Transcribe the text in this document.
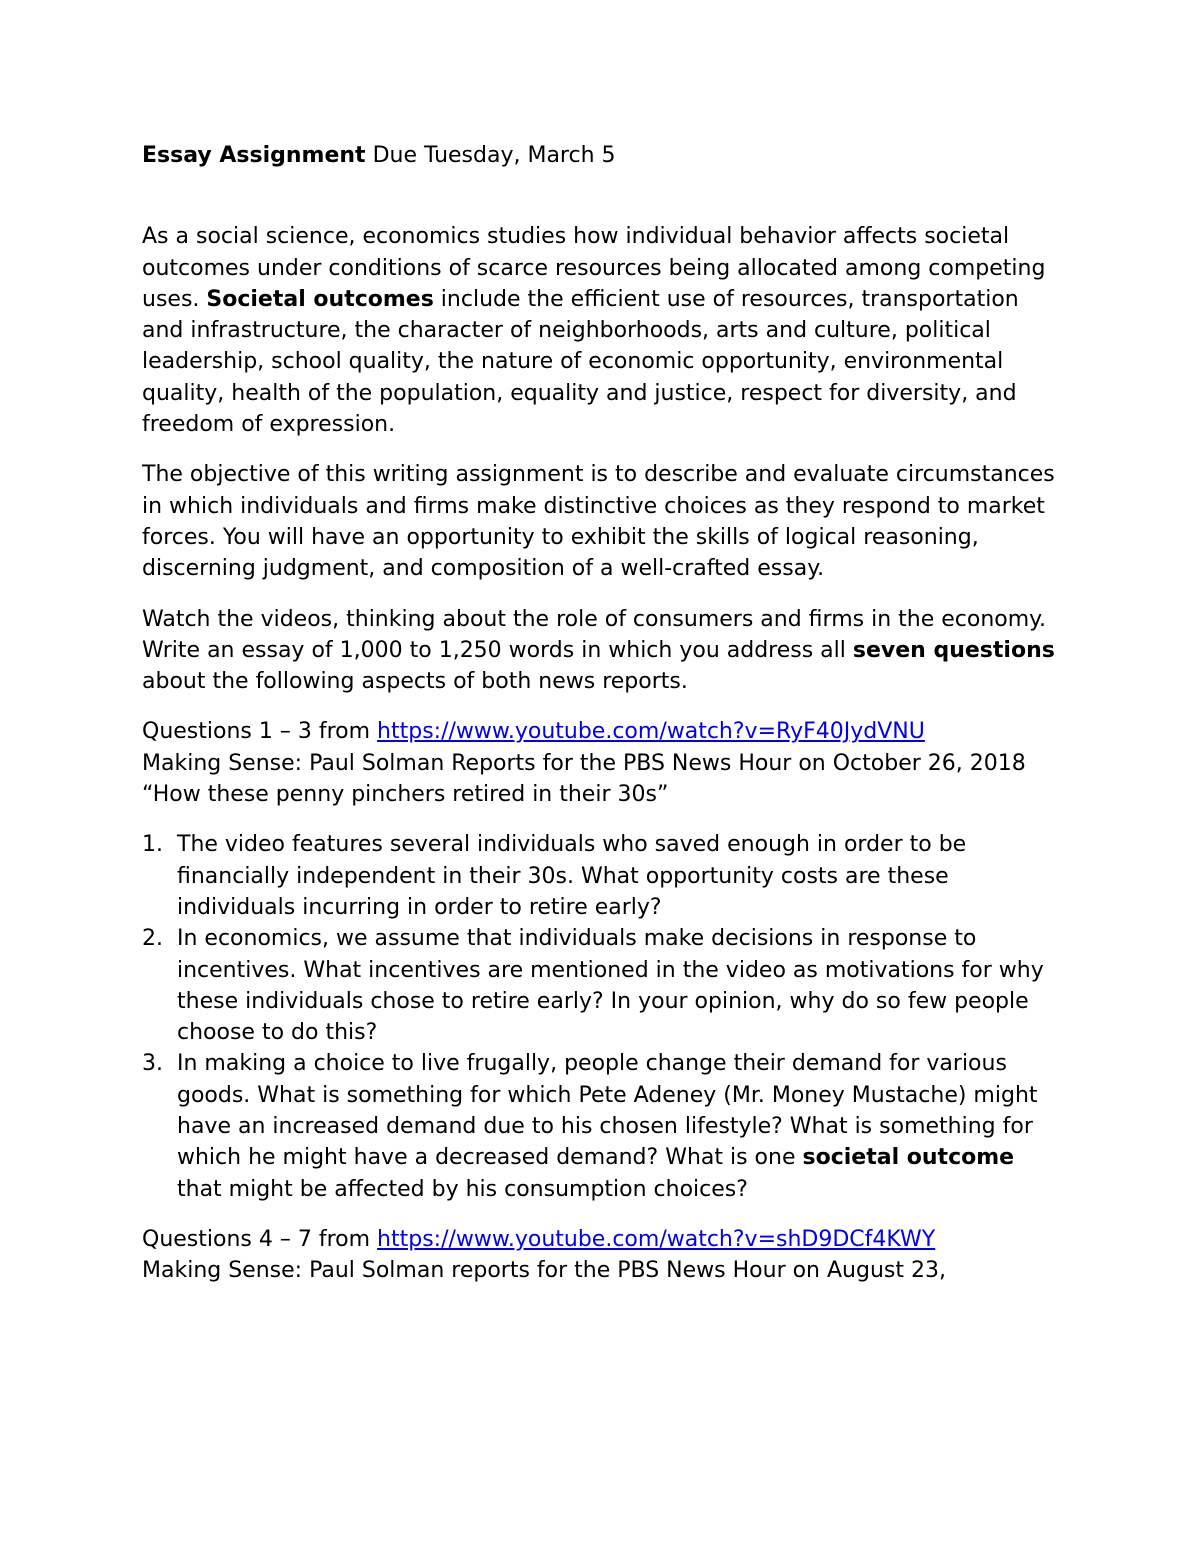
Essay Assignment Due Tuesday, March 5

As a social science, economics studies how individual behavior affects societal outcomes under conditions of scarce resources being allocated among competing uses. Societal outcomes include the efficient use of resources, transportation and infrastructure, the character of neighborhoods, arts and culture, political leadership, school quality, the nature of economic opportunity, environmental quality, health of the population, equality and justice, respect for diversity, and freedom of expression.

The objective of this writing assignment is to describe and evaluate circumstances in which individuals and firms make distinctive choices as they respond to market forces. You will have an opportunity to exhibit the skills of logical reasoning, discerning judgment, and composition of a well-crafted essay.

Watch the videos, thinking about the role of consumers and firms in the economy. Write an essay of 1,000 to 1,250 words in which you address all seven questions about the following aspects of both news reports.

Questions 1 – 3 from https://www.youtube.com/watch?v=RyF40JydVNU

Making Sense: Paul Solman Reports for the PBS News Hour on October 26, 2018

“How these penny pinchers retired in their 30s”

1. The video features several individuals who saved enough in order to be financially independent in their 30s. What opportunity costs are these individuals incurring in order to retire early?
2. In economics, we assume that individuals make decisions in response to incentives. What incentives are mentioned in the video as motivations for why these individuals chose to retire early? In your opinion, why do so few people choose to do this?
3. In making a choice to live frugally, people change their demand for various goods. What is something for which Pete Adeney (Mr. Money Mustache) might have an increased demand due to his chosen lifestyle? What is something for which he might have a decreased demand? What is one societal outcome that might be affected by his consumption choices?

Questions 4 – 7 from https://www.youtube.com/watch?v=shD9DCf4KWY

Making Sense: Paul Solman reports for the PBS News Hour on August 23,
